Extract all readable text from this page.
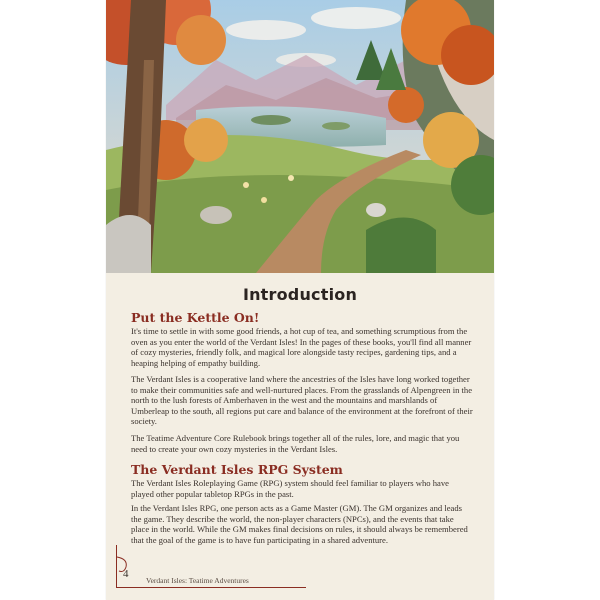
Introduction
Put the Kettle On!

It's time to settle in with some good friends, a hot cup of tea, and something scrumptious from the oven as you enter the world of the Verdant Isles! In the pages of these books, you'll find all manner of cozy mysteries, friendly folk, and magical lore alongside tasty recipes, gardening tips, and a heaping helping of empathy building.

The Verdant Isles is a cooperative land where the ancestries of the Isles have long worked together to make their communities safe and well-nurtured places. From the grasslands of Alpengreen in the north to the lush forests of Amberhaven in the west and the mountains and marshlands of Umberleap to the south, all regions put care and balance of the environment at the forefront of their society.

The Teatime Adventure Core Rulebook brings together all of the rules, lore, and magic that you need to create your own cozy mysteries in the Verdant Isles.

The Verdant Isles RPG System

The Verdant Isles Roleplaying Game (RPG) system should feel familiar to players who have played other popular tabletop RPGs in the past.

In the Verdant Isles RPG, one person acts as a Game Master (GM). The GM organizes and leads the game. They describe the world, the non-player characters (NPCs), and the events that take place in the world. While the GM makes final decisions on rules, it should always be remembered that the goal of the game is to have fun participating in a shared adventure.

4
Verdant Isles: Teatime Adventures
